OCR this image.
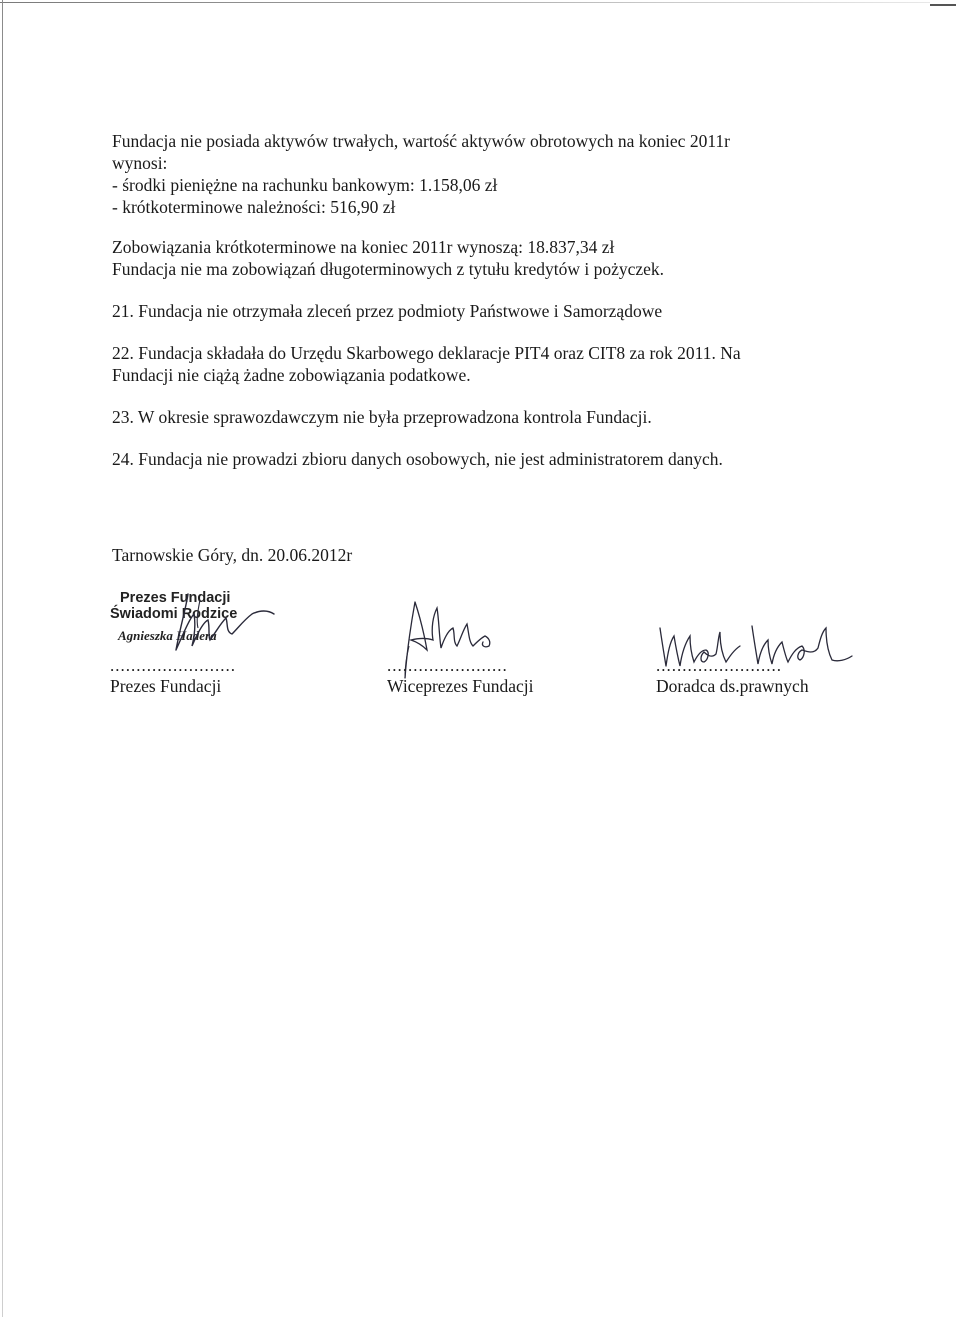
Fundacja nie posiada aktywów trwałych, wartość aktywów obrotowych na koniec 2011r
wynosi:
- środki pieniężne na rachunku bankowym: 1.158,06 zł
- krótkoterminowe należności: 516,90 zł
Zobowiązania krótkoterminowe na koniec 2011r wynoszą: 18.837,34 zł
Fundacja nie ma zobowiązań długoterminowych z tytułu kredytów i pożyczek.
21. Fundacja nie otrzymała zleceń przez podmioty Państwowe i Samorządowe
22. Fundacja składała do Urzędu Skarbowego deklaracje PIT4 oraz CIT8 za rok 2011. Na
Fundacji nie ciążą żadne zobowiązania podatkowe.
23. W okresie sprawozdawczym nie była przeprowadzona kontrola Fundacji.
24. Fundacja nie prowadzi zbioru danych osobowych, nie jest administratorem danych.
Tarnowskie Góry, dn. 20.06.2012r
Prezes Fundacji
Świadomi Rodzice
Agnieszka Hadera
........................
Prezes Fundacji
.......................
Wiceprezes Fundacji
........................
Doradca ds.prawnych
